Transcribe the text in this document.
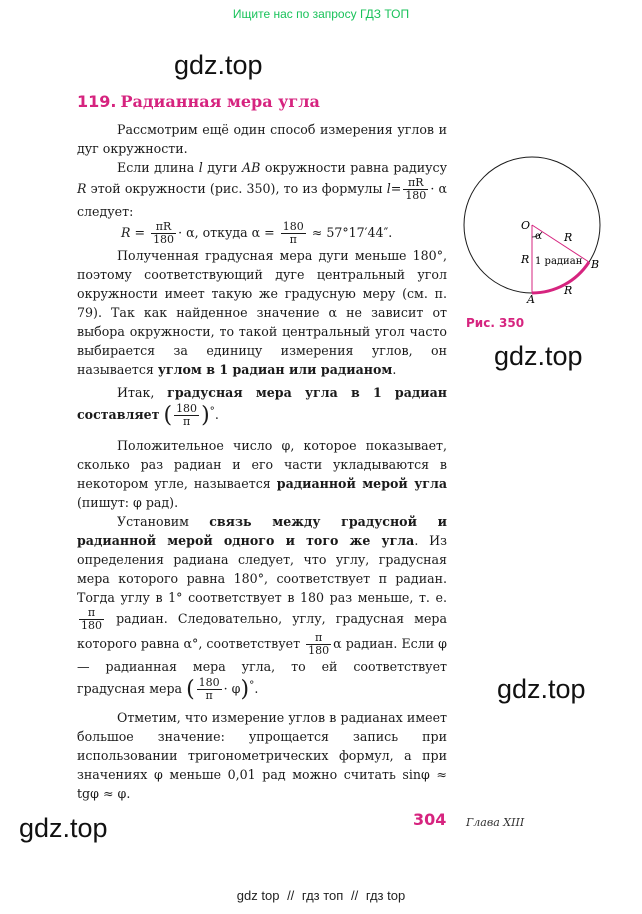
Ищите нас по запросу ГДЗ ТОП
gdz.top
gdz.top
gdz.top
gdz.top
119. Радианная мера угла

Рассмотрим ещё один способ измерения углов и дуг окружности.

Если длина l дуги AB окружности равна радиусу R этой окружности (рис. 350), то из формулы $l= \frac{\pi R}{180} \cdot \alpha$ следует:

$R = \frac{\pi R}{180} \cdot \alpha$, откуда $\alpha = \frac{180}{\pi} \approx 57^\circ 17'44''$.

Полученная градусная мера дуги меньше 180°, поэтому соответствующий дуге центральный угол окружности имеет такую же градусную меру (см. п. 79). Так как найденное значение α не зависит от выбора окружности, то такой центральный угол часто выбирается за единицу измерения углов, он называется углом в 1 радиан или радианом.

Итак, градусная мера угла в 1 радиан составляет ( $\frac{180}{\pi} )^\circ$.

Положительное число φ, которое показывает, сколько раз радиан и его части укладываются в некотором угле, называется радианной мерой угла (пишут: φ рад).

Установим связь между градусной и радианной мерой одного и того же угла. Из определения радиана следует, что углу, градусная мера которого равна 180°, соответствует π радиан. Тогда углу в 1° соответствует в 180 раз меньше, т. е.
$\frac{\pi}{180}$ радиан. Следовательно, углу, градусная мера которого равна α°, соответствует $\frac{\pi}{180}$ α радиан. Если φ — радианная мера угла, то ей соответствует градусная мера ( $\frac{180}{\pi} \cdot \varphi)^\circ$.

Отметим, что измерение углов в радианах имеет большое значение: упрощается запись при использовании тригонометрических формул, а при значениях φ меньше 0,01 рад можно считать sinφ ≈ tgφ ≈ φ.

O
A
B
R
R
R
α
1 радиан
Рис. 350
304 Глава XIII
gdz top // гдз топ // гдз top
